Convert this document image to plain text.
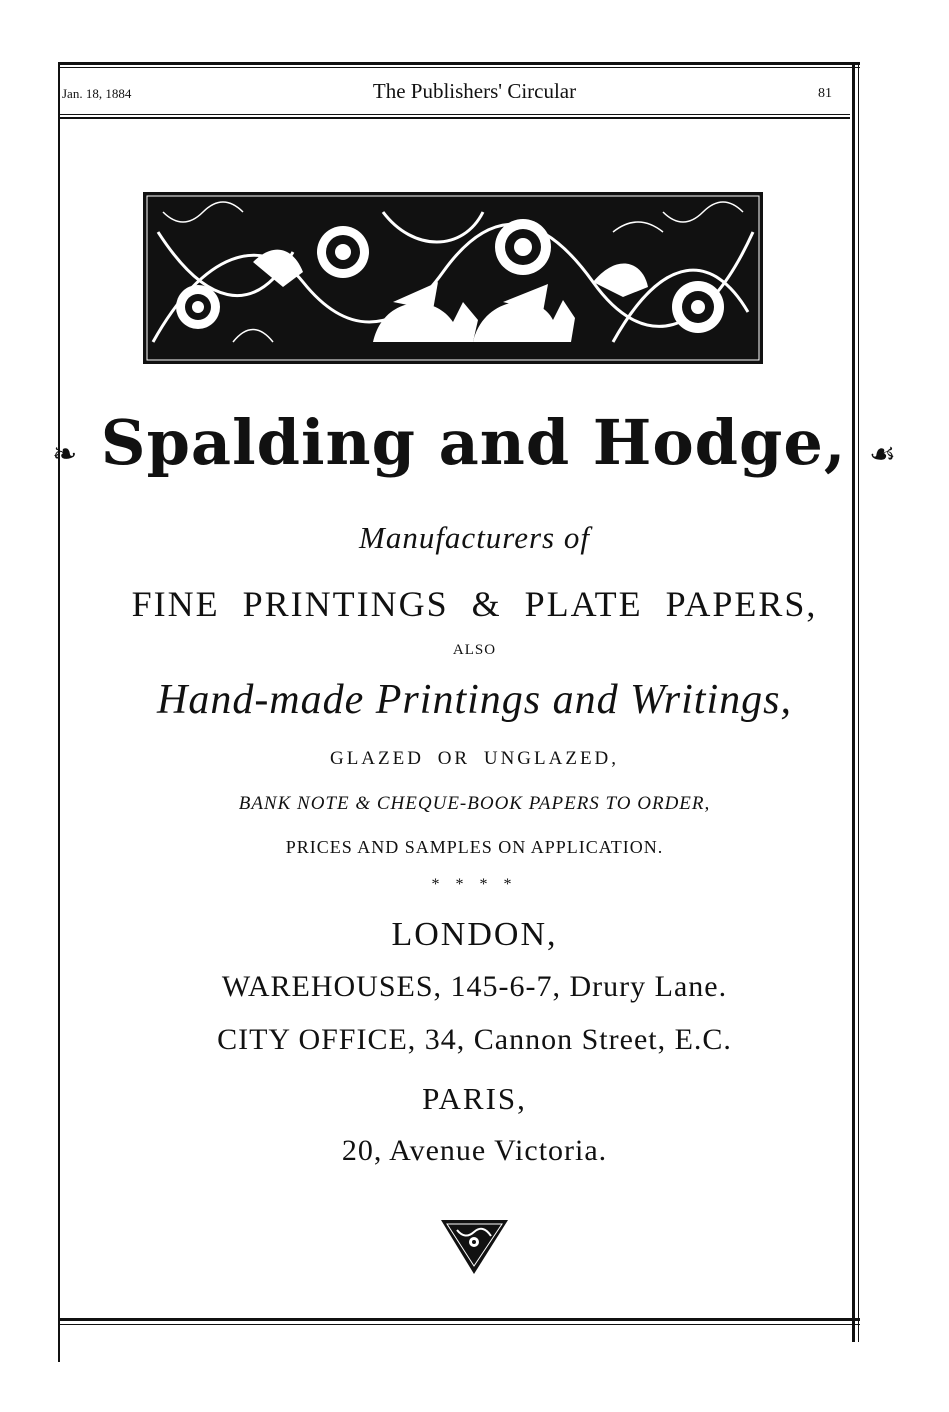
Jan. 18, 1884	The Publishers' Circular	81
❧ Spalding and Hodge, ☙
Manufacturers of
FINE PRINTINGS & PLATE PAPERS,
ALSO
Hand-made Printings and Writings,
GLAZED OR UNGLAZED,
BANK NOTE & CHEQUE-BOOK PAPERS TO ORDER,
PRICES AND SAMPLES ON APPLICATION.
* * * *
LONDON,
WAREHOUSES, 145-6-7, Drury Lane.
CITY OFFICE, 34, Cannon Street, E.C.
PARIS,
20, Avenue Victoria.
